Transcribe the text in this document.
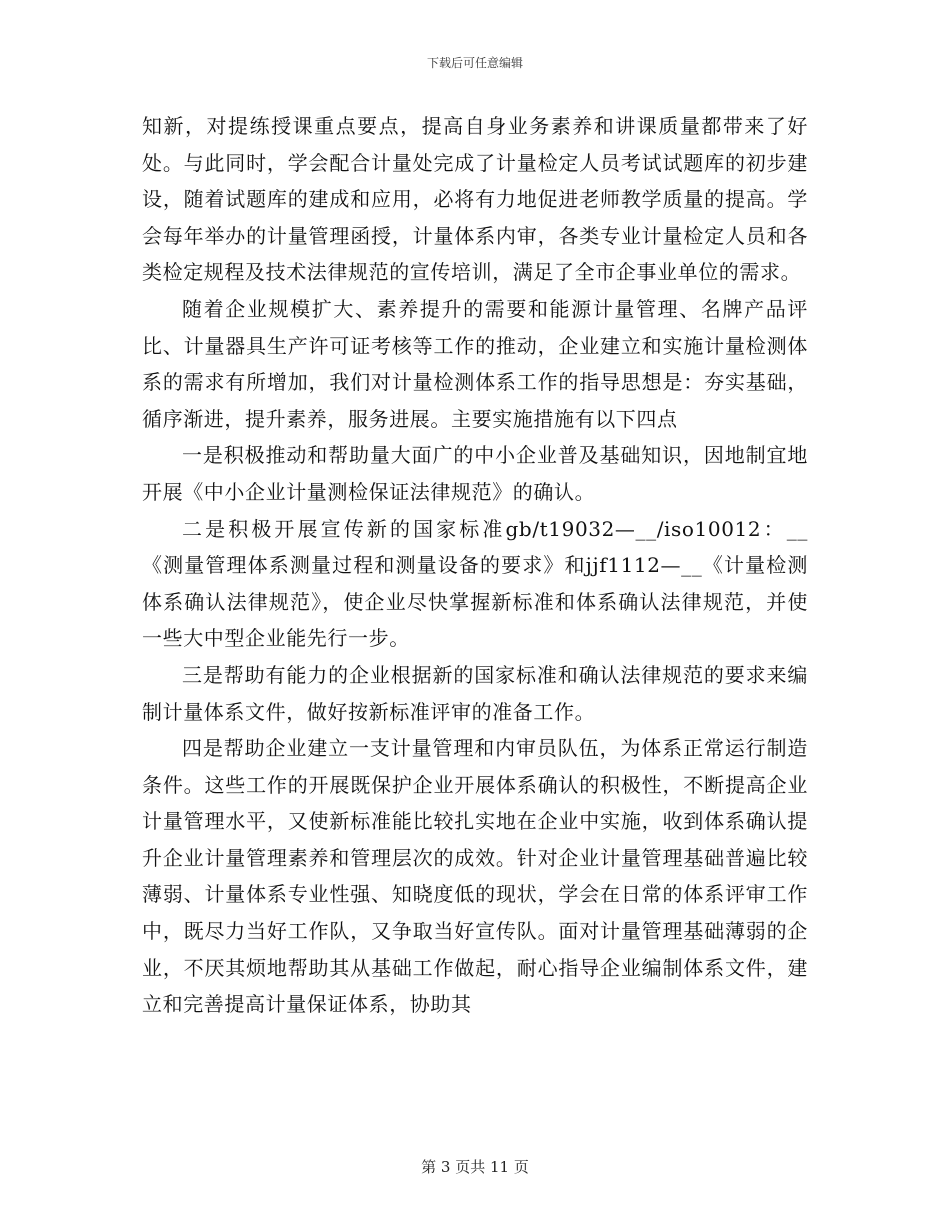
下载后可任意编辑

知新，对提练授课重点要点，提高自身业务素养和讲课质量都带来了好处。与此同时，学会配合计量处完成了计量检定人员考试试题库的初步建设，随着试题库的建成和应用，必将有力地促进老师教学质量的提高。学会每年举办的计量管理函授，计量体系内审，各类专业计量检定人员和各类检定规程及技术法律规范的宣传培训，满足了全市企事业单位的需求。

随着企业规模扩大、素养提升的需要和能源计量管理、名牌产品评比、计量器具生产许可证考核等工作的推动，企业建立和实施计量检测体系的需求有所增加，我们对计量检测体系工作的指导思想是：夯实基础，循序渐进，提升素养，服务进展。主要实施措施有以下四点

一是积极推动和帮助量大面广的中小企业普及基础知识，因地制宜地开展《中小企业计量测检保证法律规范》的确认。

二是积极开展宣传新的国家标准gb/t19032—__/iso10012：__《测量管理体系测量过程和测量设备的要求》和jjf1112—__《计量检测体系确认法律规范》，使企业尽快掌握新标准和体系确认法律规范，并使一些大中型企业能先行一步。

三是帮助有能力的企业根据新的国家标准和确认法律规范的要求来编制计量体系文件，做好按新标准评审的准备工作。

四是帮助企业建立一支计量管理和内审员队伍，为体系正常运行制造条件。这些工作的开展既保护企业开展体系确认的积极性，不断提高企业计量管理水平，又使新标准能比较扎实地在企业中实施，收到体系确认提升企业计量管理素养和管理层次的成效。针对企业计量管理基础普遍比较薄弱、计量体系专业性强、知晓度低的现状，学会在日常的体系评审工作中，既尽力当好工作队，又争取当好宣传队。面对计量管理基础薄弱的企业，不厌其烦地帮助其从基础工作做起，耐心指导企业编制体系文件，建立和完善提高计量保证体系，协助其

第 3 页共 11 页
